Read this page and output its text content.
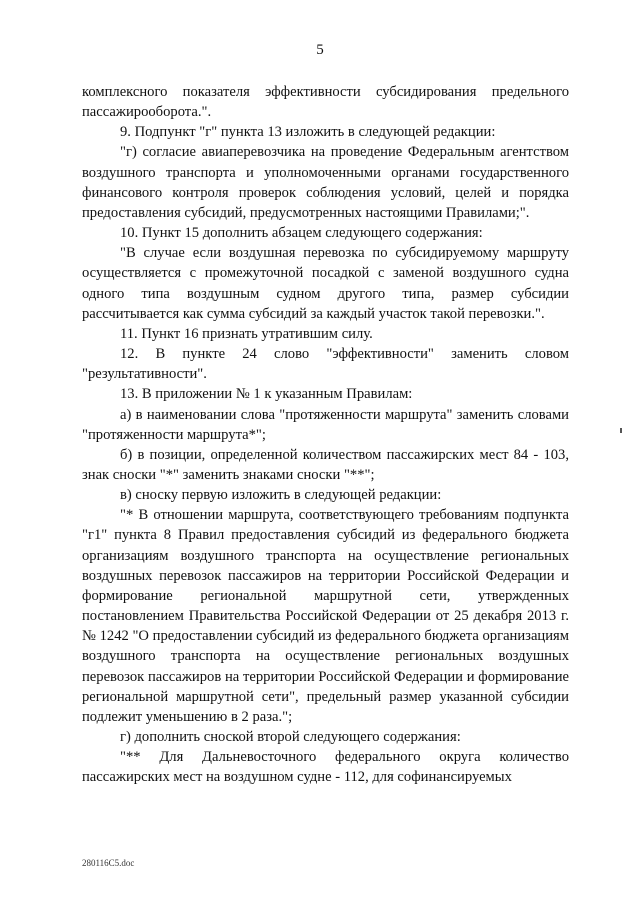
5

комплексного показателя эффективности субсидирования предельного пассажирооборота.".

9. Подпункт "г" пункта 13 изложить в следующей редакции:

"г) согласие авиаперевозчика на проведение Федеральным агентством воздушного транспорта и уполномоченными органами государственного финансового контроля проверок соблюдения условий, целей и порядка предоставления субсидий, предусмотренных настоящими Правилами;".

10. Пункт 15 дополнить абзацем следующего содержания:

"В случае если воздушная перевозка по субсидируемому маршруту осуществляется с промежуточной посадкой с заменой воздушного судна одного типа воздушным судном другого типа, размер субсидии рассчитывается как сумма субсидий за каждый участок такой перевозки.".

11. Пункт 16 признать утратившим силу.

12. В пункте 24 слово "эффективности" заменить словом "результативности".

13. В приложении № 1 к указанным Правилам:

а) в наименовании слова "протяженности маршрута" заменить словами "протяженности маршрута*";

б) в позиции, определенной количеством пассажирских мест 84 - 103, знак сноски "*" заменить знаками сноски "**";

в) сноску первую изложить в следующей редакции:

"* В отношении маршрута, соответствующего требованиям подпункта "г1" пункта 8 Правил предоставления субсидий из федерального бюджета организациям воздушного транспорта на осуществление региональных воздушных перевозок пассажиров на территории Российской Федерации и формирование региональной маршрутной сети, утвержденных постановлением Правительства Российской Федерации от 25 декабря 2013 г. № 1242 "О предоставлении субсидий из федерального бюджета организациям воздушного транспорта на осуществление региональных воздушных перевозок пассажиров на территории Российской Федерации и формирование региональной маршрутной сети", предельный размер указанной субсидии подлежит уменьшению в 2 раза.";

г) дополнить сноской второй следующего содержания:

"** Для Дальневосточного федерального округа количество пассажирских мест на воздушном судне - 112, для софинансируемых

280116C5.doc
